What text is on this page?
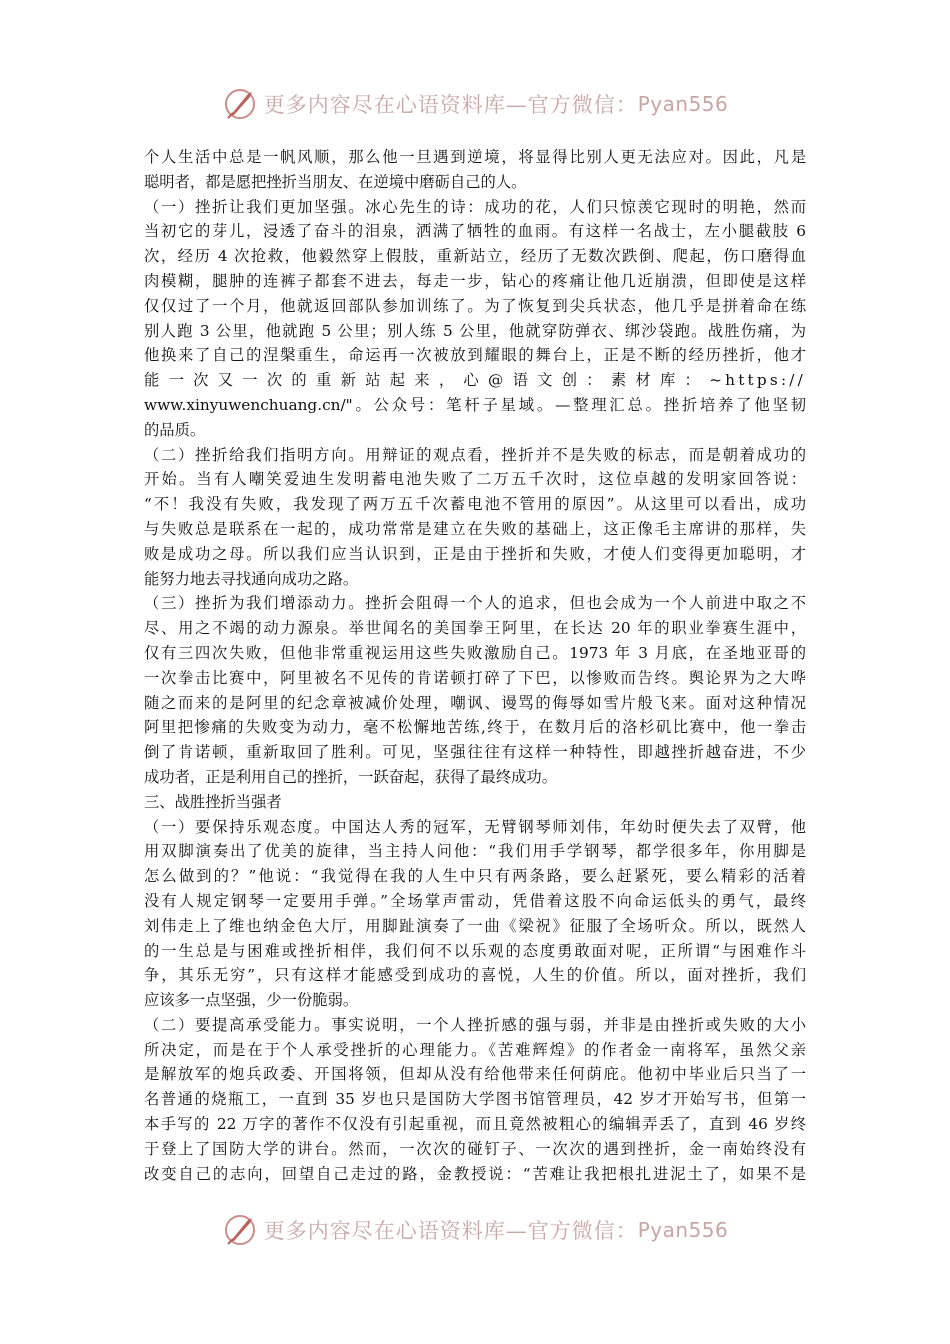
更多内容尽在心语资料库—官方微信： Pyan556
个人生活中总是一帆风顺，那么他一旦遇到逆境，将显得比别人更无法应对。因此，凡是
聪明者，都是愿把挫折当朋友、在逆境中磨砺自己的人。
（一）挫折让我们更加坚强。冰心先生的诗：成功的花，人们只惊羡它现时的明艳，然而
当初它的芽儿，浸透了奋斗的泪泉，洒满了牺牲的血雨。有这样一名战士，左小腿截肢 6
次，经历 4 次抢救，他毅然穿上假肢，重新站立，经历了无数次跌倒、爬起，伤口磨得血
肉模糊，腿肿的连裤子都套不进去，每走一步，钻心的疼痛让他几近崩溃，但即使是这样
仅仅过了一个月，他就返回部队参加训练了。为了恢复到尖兵状态，他几乎是拼着命在练
别人跑 3 公里，他就跑 5 公里；别人练 5 公里，他就穿防弹衣、绑沙袋跑。战胜伤痛，为
他换来了自己的涅槃重生，命运再一次被放到耀眼的舞台上，正是不断的经历挫折，他才
能一次又一次的重新站起来，心@语文创：素材库：~https://
www.xinyuwenchuang.cn/"。公众号：笔杆子星域。—整理汇总。挫折培养了他坚韧
的品质。
（二）挫折给我们指明方向。用辩证的观点看，挫折并不是失败的标志，而是朝着成功的
开始。当有人嘲笑爱迪生发明蓄电池失败了二万五千次时，这位卓越的发明家回答说：
“不！我没有失败，我发现了两万五千次蓄电池不管用的原因”。从这里可以看出，成功
与失败总是联系在一起的，成功常常是建立在失败的基础上，这正像毛主席讲的那样，失
败是成功之母。所以我们应当认识到，正是由于挫折和失败，才使人们变得更加聪明，才
能努力地去寻找通向成功之路。
（三）挫折为我们增添动力。挫折会阻碍一个人的追求，但也会成为一个人前进中取之不
尽、用之不竭的动力源泉。举世闻名的美国拳王阿里，在长达 20 年的职业拳赛生涯中，
仅有三四次失败，但他非常重视运用这些失败激励自己。1973 年 3 月底，在圣地亚哥的
一次拳击比赛中，阿里被名不见传的肯诺顿打碎了下巴，以惨败而告终。舆论界为之大哗
随之而来的是阿里的纪念章被减价处理，嘲讽、谩骂的侮辱如雪片般飞来。面对这种情况
阿里把惨痛的失败变为动力，毫不松懈地苦练,终于，在数月后的洛杉矶比赛中，他一拳击
倒了肯诺顿，重新取回了胜利。可见，坚强往往有这样一种特性，即越挫折越奋进，不少
成功者，正是利用自己的挫折，一跃奋起，获得了最终成功。
三、战胜挫折当强者
（一）要保持乐观态度。中国达人秀的冠军，无臂钢琴师刘伟，年幼时便失去了双臂，他
用双脚演奏出了优美的旋律，当主持人问他：“我们用手学钢琴，都学很多年，你用脚是
怎么做到的？”他说：“我觉得在我的人生中只有两条路，要么赶紧死，要么精彩的活着
没有人规定钢琴一定要用手弹。”全场掌声雷动，凭借着这股不向命运低头的勇气，最终
刘伟走上了维也纳金色大厅，用脚趾演奏了一曲《梁祝》征服了全场听众。所以，既然人
的一生总是与困难或挫折相伴，我们何不以乐观的态度勇敢面对呢，正所谓“与困难作斗
争，其乐无穷”，只有这样才能感受到成功的喜悦，人生的价值。所以，面对挫折，我们
应该多一点坚强，少一份脆弱。
（二）要提高承受能力。事实说明，一个人挫折感的强与弱，并非是由挫折或失败的大小
所决定，而是在于个人承受挫折的心理能力。《苦难辉煌》的作者金一南将军，虽然父亲
是解放军的炮兵政委、开国将领，但却从没有给他带来任何荫庇。他初中毕业后只当了一
名普通的烧瓶工，一直到 35 岁也只是国防大学图书馆管理员，42 岁才开始写书，但第一
本手写的 22 万字的著作不仅没有引起重视，而且竟然被粗心的编辑弄丢了，直到 46 岁终
于登上了国防大学的讲台。然而，一次次的碰钉子、一次次的遇到挫折，金一南始终没有
改变自己的志向，回望自己走过的路，金教授说：“苦难让我把根扎进泥土了，如果不是
更多内容尽在心语资料库—官方微信： Pyan556
